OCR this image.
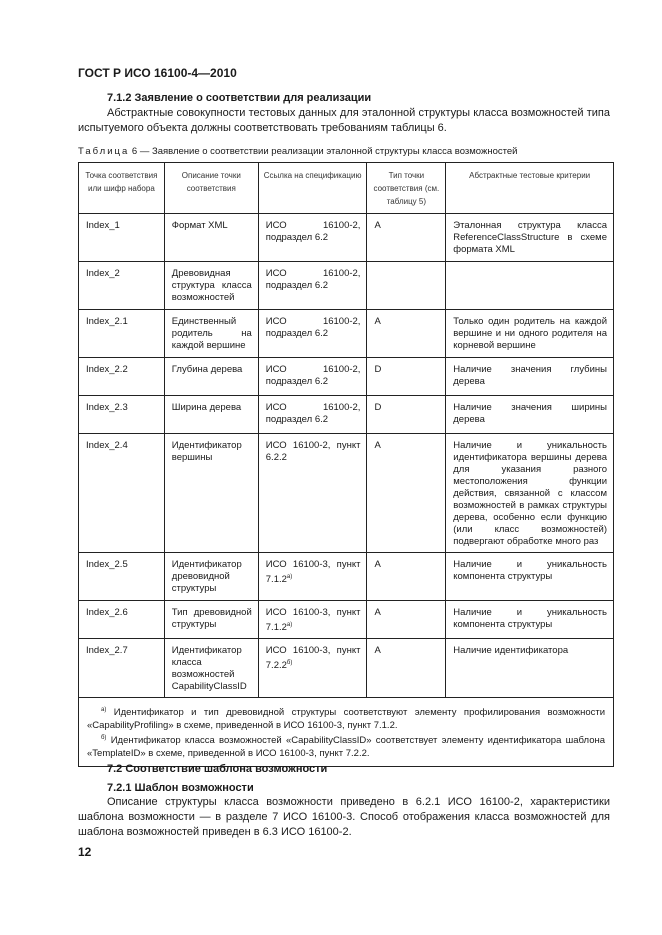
ГОСТ Р ИСО 16100-4—2010
7.1.2 Заявление о соответствии для реализации
Абстрактные совокупности тестовых данных для эталонной структуры класса возможностей типа испытуемого объекта должны соответствовать требованиям таблицы 6.
Таблица 6 — Заявление о соответствии реализации эталонной структуры класса возможностей
Точка соответствия или шифр набора	Описание точки соответствия	Ссылка на спецификацию	Тип точки соответствия (см. таблицу 5)	Абстрактные тестовые критерии
Index_1	Формат XML	ИСО 16100-2, подраздел 6.2	A	Эталонная структура класса ReferenceClassStructure в схеме формата XML
Index_2	Древовидная структура класса возможностей	ИСО 16100-2, подраздел 6.2		
Index_2.1	Единственный родитель на каждой вершине	ИСО 16100-2, подраздел 6.2	A	Только один родитель на каждой вершине и ни одного родителя на корневой вершине
Index_2.2	Глубина дерева	ИСО 16100-2, подраздел 6.2	D	Наличие значения глубины дерева
Index_2.3	Ширина дерева	ИСО 16100-2, подраздел 6.2	D	Наличие значения ширины дерева
Index_2.4	Идентификатор вершины	ИСО 16100-2, пункт 6.2.2	A	Наличие и уникальность идентификатора вершины дерева для указания разного местоположения функции действия, связанной с классом возможностей в рамках структуры дерева, особенно если функцию (или класс возможностей) подвергают обработке много раз
Index_2.5	Идентификатор древовидной структуры	ИСО 16100-3, пункт $7.1.2^{а)}$	A	Наличие и уникальность компонента структуры
Index_2.6	Тип древовидной структуры	ИСО 16100-3, пункт $7.1.2^{а)}$	A	Наличие и уникальность компонента структуры
Index_2.7	Идентификатор класса возможностей CapabilityClassID	ИСО 16100-3, пункт $7.2.2^{б)}$	A	Наличие идентификатора

$^{а)}$ Идентификатор и тип древовидной структуры соответствуют элементу профилирования возможности «CapabilityProfiling» в схеме, приведенной в ИСО 16100-3, пункт 7.1.2.
$^{б)}$ Идентификатор класса возможностей «CapabilityClassID» соответствует элементу идентификатора шаблона «TemplateID» в схеме, приведенной в ИСО 16100-3, пункт 7.2.2.				
7.2 Соответствие шаблона возможности
7.2.1 Шаблон возможности
Описание структуры класса возможности приведено в 6.2.1 ИСО 16100-2, характеристики шаблона возможности — в разделе 7 ИСО 16100-3. Способ отображения класса возможностей для шаблона возможностей приведен в 6.3 ИСО 16100-2.
12
